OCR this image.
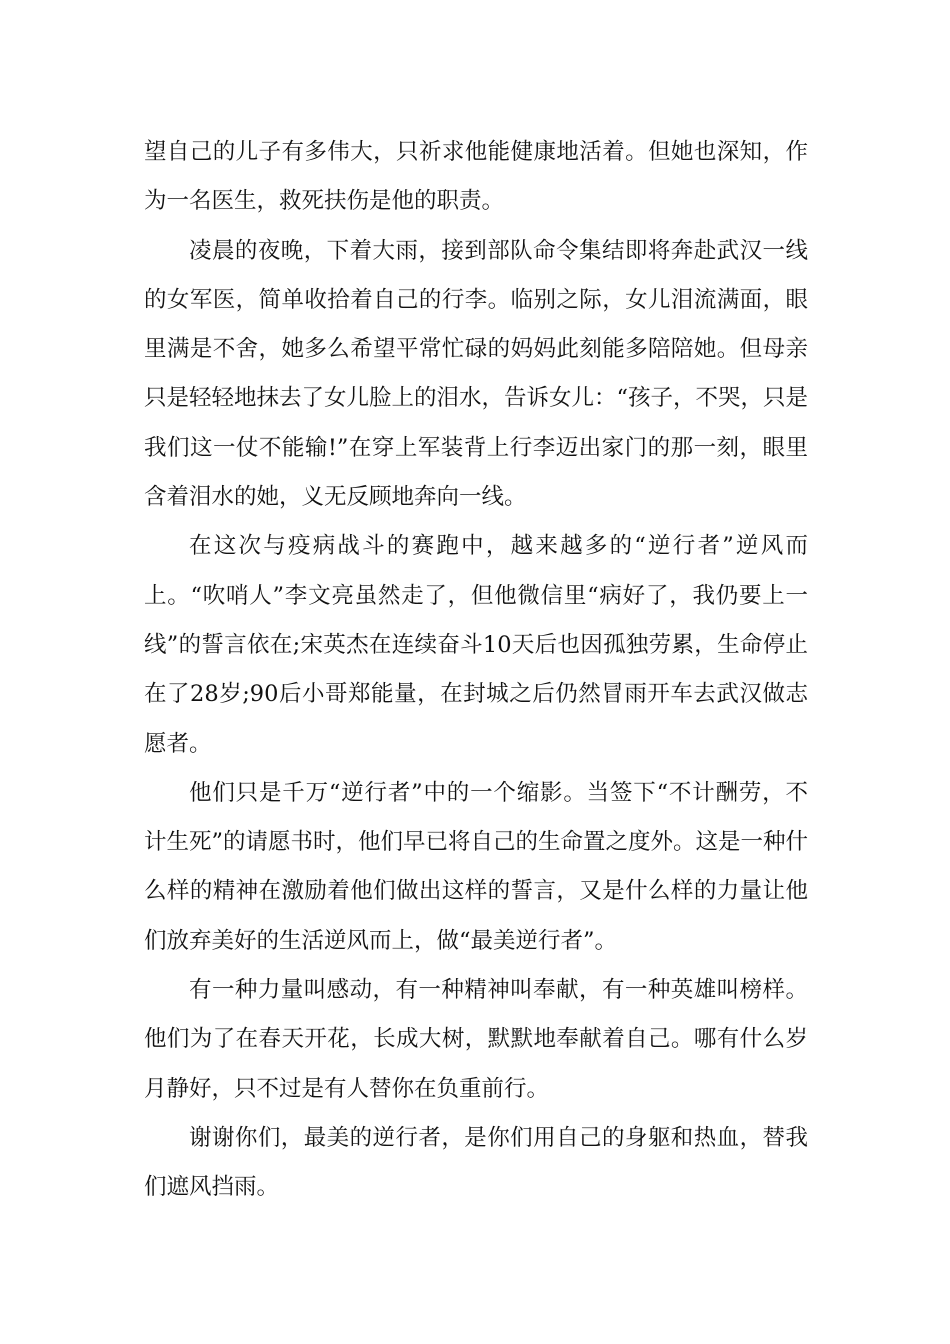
望自己的儿子有多伟大，只祈求他能健康地活着。但她也深知，作为一名医生，救死扶伤是他的职责。

凌晨的夜晚，下着大雨，接到部队命令集结即将奔赴武汉一线的女军医，简单收拾着自己的行李。临别之际，女儿泪流满面，眼里满是不舍，她多么希望平常忙碌的妈妈此刻能多陪陪她。但母亲只是轻轻地抹去了女儿脸上的泪水，告诉女儿：“孩子，不哭，只是我们这一仗不能输!”在穿上军装背上行李迈出家门的那一刻，眼里含着泪水的她，义无反顾地奔向一线。

在这次与疫病战斗的赛跑中，越来越多的“逆行者”逆风而上。“吹哨人”李文亮虽然走了，但他微信里“病好了，我仍要上一线”的誓言依在;宋英杰在连续奋斗10天后也因孤独劳累，生命停止在了28岁;90后小哥郑能量，在封城之后仍然冒雨开车去武汉做志愿者。

他们只是千万“逆行者”中的一个缩影。当签下“不计酬劳，不计生死”的请愿书时，他们早已将自己的生命置之度外。这是一种什么样的精神在激励着他们做出这样的誓言，又是什么样的力量让他们放弃美好的生活逆风而上，做“最美逆行者”。

有一种力量叫感动，有一种精神叫奉献，有一种英雄叫榜样。他们为了在春天开花，长成大树，默默地奉献着自己。哪有什么岁月静好，只不过是有人替你在负重前行。

谢谢你们，最美的逆行者，是你们用自己的身躯和热血，替我们遮风挡雨。
